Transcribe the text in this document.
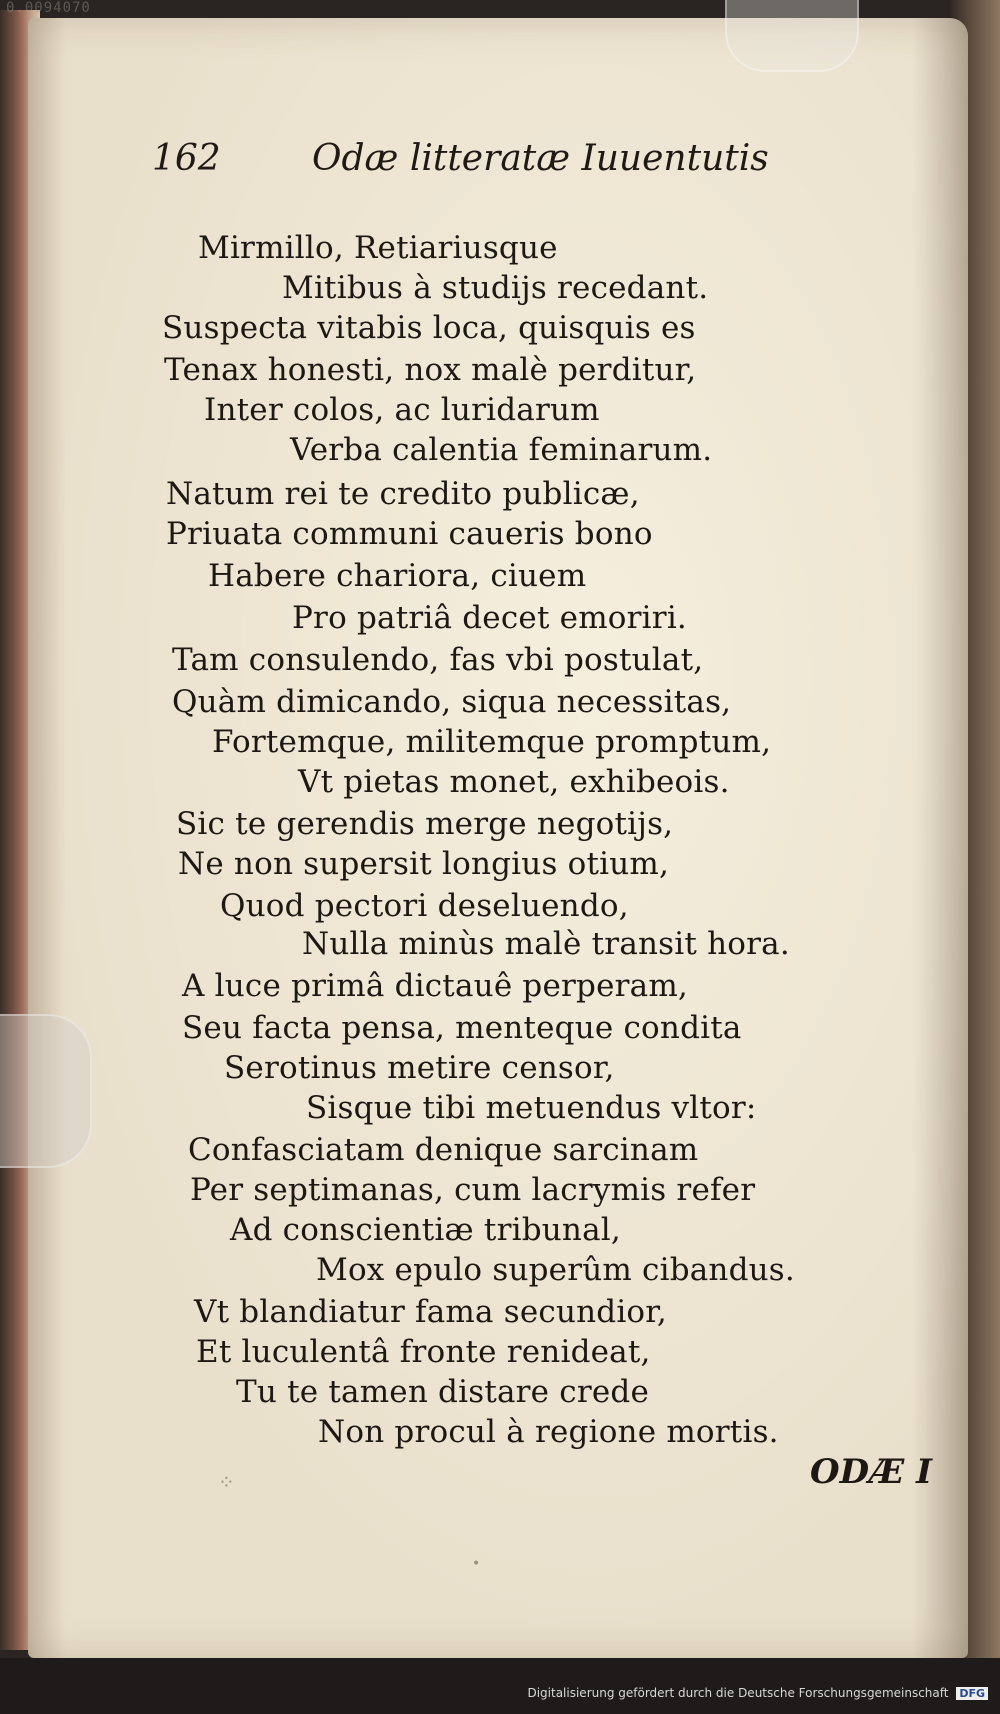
0.0094070
162	Odæ litteratæ Iuuentutis
Mirmillo, Retiariusque
Mitibus à studijs recedant.
Suspecta vitabis loca, quisquis es
Tenax honesti, nox malè perditur,
Inter colos, ac luridarum
Verba calentia feminarum.
Natum rei te credito publicæ,
Priuata communi caueris bono
Habere chariora, ciuem
Pro patriâ decet emoriri.
Tam consulendo, fas vbi postulat,
Quàm dimicando, siqua necessitas,
Fortemque, militemque promptum,
Vt pietas monet, exhibeois.
Sic te gerendis merge negotijs,
Ne non supersit longius otium,
Quod pectori deseluendo,
Nulla minùs malè transit hora.
A luce primâ dictauê perperam,
Seu facta pensa, menteque condita
Serotinus metire censor,
Sisque tibi metuendus vltor:
Confasciatam denique sarcinam
Per septimanas, cum lacrymis refer
Ad conscientiæ tribunal,
Mox epulo superûm cibandus.
Vt blandiatur fama secundior,
Et luculentâ fronte renideat,
Tu te tamen distare crede
Non procul à regione mortis.
ODÆ I
⁘
•
Digitalisierung gefördert durch die Deutsche Forschungsgemeinschaft DFG
